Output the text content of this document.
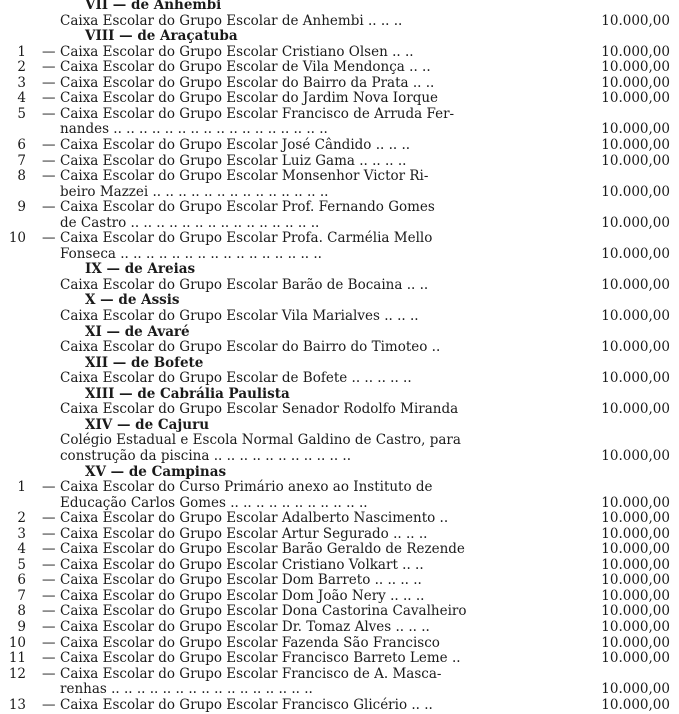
VII — de Anhembi
Caixa Escolar do Grupo Escolar de Anhembi .. .. ..	10.000,00
VIII — de Araçatuba
1 — Caixa Escolar do Grupo Escolar Cristiano Olsen .. ..	10.000,00
2 — Caixa Escolar do Grupo Escolar de Vila Mendonça .. ..	10.000,00
3 — Caixa Escolar do Grupo Escolar do Bairro da Prata .. ..	10.000,00
4 — Caixa Escolar do Grupo Escolar do Jardim Nova Iorque	10.000,00
5 — Caixa Escolar do Grupo Escolar Francisco de Arruda Fer-
nandes .. .. .. .. .. .. .. .. .. .. .. .. .. .. .. .. ..	10.000,00
6 — Caixa Escolar do Grupo Escolar José Cândido .. .. ..	10.000,00
7 — Caixa Escolar do Grupo Escolar Luiz Gama .. .. .. ..	10.000,00
8 — Caixa Escolar do Grupo Escolar Monsenhor Victor Ri-
beiro Mazzei .. .. .. .. .. .. .. .. .. .. .. .. .. ..	10.000,00
9 — Caixa Escolar do Grupo Escolar Prof. Fernando Gomes
de Castro .. .. .. .. .. .. .. .. .. .. .. .. .. .. ..	10.000,00
10 — Caixa Escolar do Grupo Escolar Profa. Carmélia Mello
Fonseca .. .. .. .. .. .. .. .. .. .. .. .. .. .. .. ..	10.000,00
IX — de Areias
Caixa Escolar do Grupo Escolar Barão de Bocaina .. ..	10.000,00
X — de Assis
Caixa Escolar do Grupo Escolar Vila Marialves .. .. ..	10.000,00
XI — de Avaré
Caixa Escolar do Grupo Escolar do Bairro do Timoteo ..	10.000,00
XII — de Bofete
Caixa Escolar do Grupo Escolar de Bofete .. .. .. .. ..	10.000,00
XIII — de Cabrália Paulista
Caixa Escolar do Grupo Escolar Senador Rodolfo Miranda	10.000,00
XIV — de Cajuru
Colégio Estadual e Escola Normal Galdino de Castro, para
construção da piscina .. .. .. .. .. .. .. .. .. .. ..	10.000,00
XV — de Campinas
1 — Caixa Escolar do Curso Primário anexo ao Instituto de
Educação Carlos Gomes .. .. .. .. .. .. .. .. .. .. ..	10.000,00
2 — Caixa Escolar do Grupo Escolar Adalberto Nascimento ..	10.000,00
3 — Caixa Escolar do Grupo Escolar Artur Segurado .. .. ..	10.000,00
4 — Caixa Escolar do Grupo Escolar Barão Geraldo de Rezende	10.000,00
5 — Caixa Escolar do Grupo Escolar Cristiano Volkart .. ..	10.000,00
6 — Caixa Escolar do Grupo Escolar Dom Barreto .. .. .. ..	10.000,00
7 — Caixa Escolar do Grupo Escolar Dom João Nery .. .. ..	10.000,00
8 — Caixa Escolar do Grupo Escolar Dona Castorina Cavalheiro	10.000,00
9 — Caixa Escolar do Grupo Escolar Dr. Tomaz Alves .. .. ..	10.000,00
10 — Caixa Escolar do Grupo Escolar Fazenda São Francisco	10.000,00
11 — Caixa Escolar do Grupo Escolar Francisco Barreto Leme ..	10.000,00
12 — Caixa Escolar do Grupo Escolar Francisco de A. Masca-
renhas .. .. .. .. .. .. .. .. .. .. .. .. .. .. .. ..	10.000,00
13 — Caixa Escolar do Grupo Escolar Francisco Glicério .. ..	10.000,00
